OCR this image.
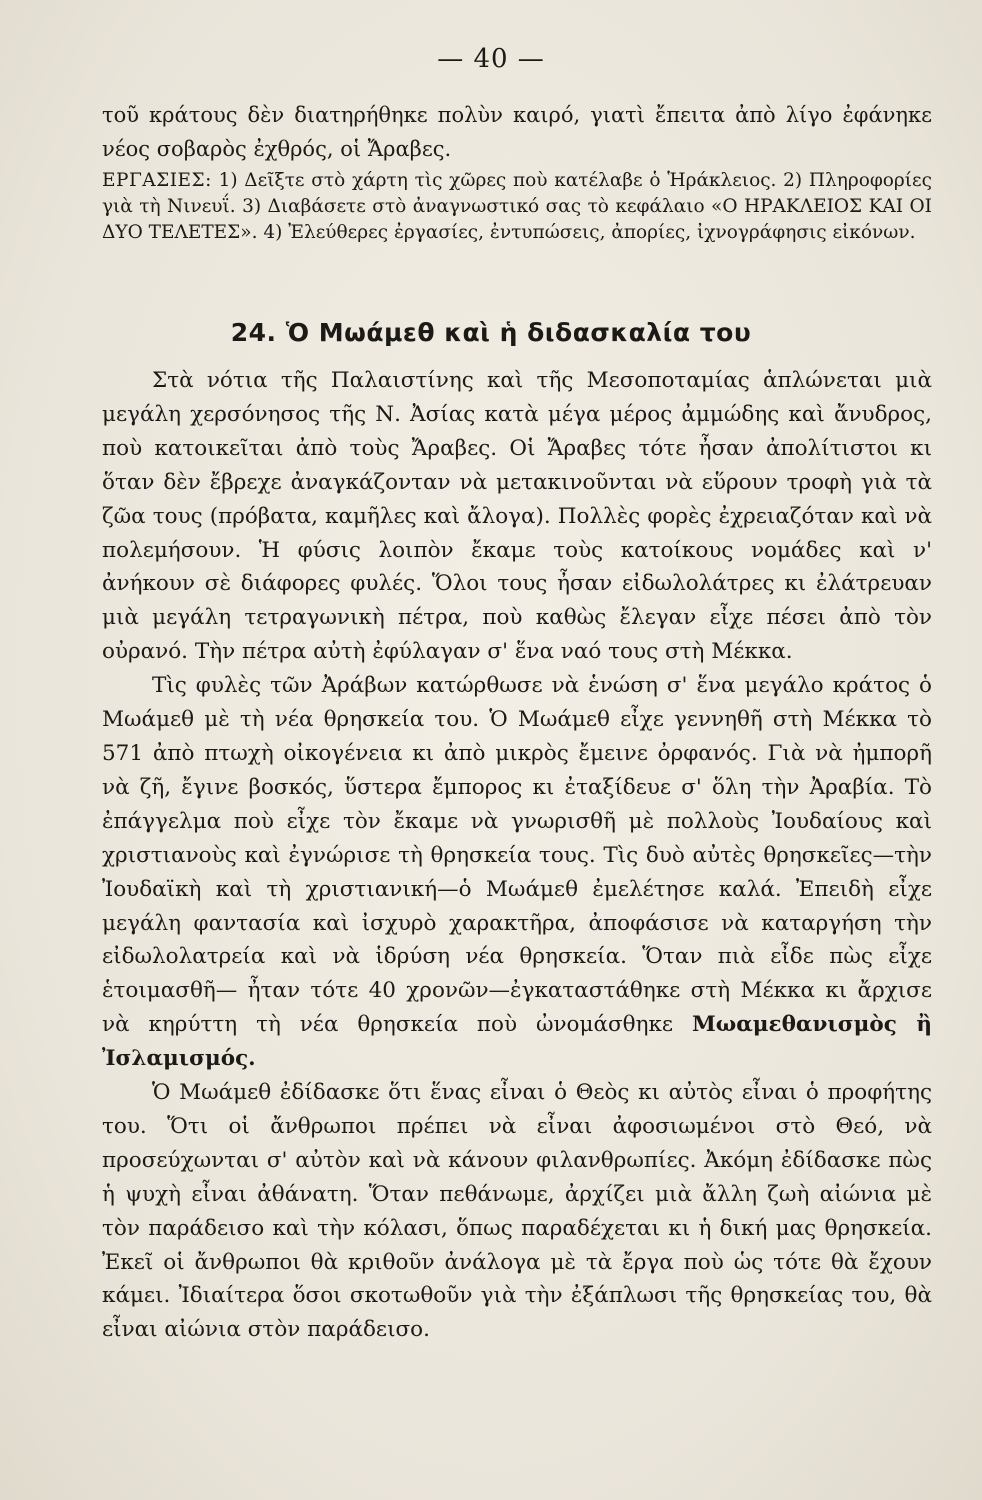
— 40 —

τοῦ κράτους δὲν διατηρήθηκε πολὺν καιρό, γιατὶ ἔπειτα ἀπὸ λίγο ἐφάνηκε νέος σοβαρὸς ἐχθρός, οἱ Ἄραβες.

ΕΡΓΑΣΙΕΣ: 1) Δεῖξτε στὸ χάρτη τὶς χῶρες ποὺ κατέλαβε ὁ Ἡράκλειος. 2) Πληροφορίες γιὰ τὴ Νινευΐ. 3) Διαβάσετε στὸ ἀναγνωστικό σας τὸ κεφάλαιο «Ο ΗΡΑΚΛΕΙΟΣ ΚΑΙ ΟΙ ΔΥΟ ΤΕΛΕΤΕΣ». 4) Ἐλεύθερες ἐργασίες, ἐντυπώσεις, ἀπορίες, ἰχνογράφησις εἰκόνων.

24. Ὁ Μωάμεθ καὶ ἡ διδασκαλία του

Στὰ νότια τῆς Παλαιστίνης καὶ τῆς Μεσοποταμίας ἁπλώνεται μιὰ μεγάλη χερσόνησος τῆς Ν. Ἀσίας κατὰ μέγα μέρος ἀμμώδης καὶ ἄνυδρος, ποὺ κατοικεῖται ἀπὸ τοὺς Ἄραβες. Οἱ Ἄραβες τότε ἦσαν ἀπολίτιστοι κι ὅταν δὲν ἔβρεχε ἀναγκάζονταν νὰ μετακινοῦνται νὰ εὕρουν τροφὴ γιὰ τὰ ζῶα τους (πρόβατα, καμῆλες καὶ ἄλογα). Πολλὲς φορὲς ἐχρειαζόταν καὶ νὰ πολεμήσουν. Ἡ φύσις λοιπὸν ἔκαμε τοὺς κατοίκους νομάδες καὶ ν' ἀνήκουν σὲ διάφορες φυλές. Ὅλοι τους ἦσαν εἰδωλολάτρες κι ἐλάτρευαν μιὰ μεγάλη τετραγωνικὴ πέτρα, ποὺ καθὼς ἔλεγαν εἶχε πέσει ἀπὸ τὸν οὐρανό. Τὴν πέτρα αὐτὴ ἐφύλαγαν σ' ἕνα ναό τους στὴ Μέκκα.

Τὶς φυλὲς τῶν Ἀράβων κατώρθωσε νὰ ἑνώση σ' ἕνα μεγάλο κράτος ὁ Μωάμεθ μὲ τὴ νέα θρησκεία του. Ὁ Μωάμεθ εἶχε γεννηθῆ στὴ Μέκκα τὸ 571 ἀπὸ πτωχὴ οἰκογένεια κι ἀπὸ μικρὸς ἔμεινε ὀρφανός. Γιὰ νὰ ἠμπορῆ νὰ ζῆ, ἔγινε βοσκός, ὕστερα ἔμπορος κι ἐταξίδευε σ' ὅλη τὴν Ἀραβία. Τὸ ἐπάγγελμα ποὺ εἶχε τὸν ἔκαμε νὰ γνωρισθῆ μὲ πολλοὺς Ἰουδαίους καὶ χριστιανοὺς καὶ ἐγνώρισε τὴ θρησκεία τους. Τὶς δυὸ αὐτὲς θρησκεῖες—τὴν Ἰουδαϊκὴ καὶ τὴ χριστιανική—ὁ Μωάμεθ ἐμελέτησε καλά. Ἐπειδὴ εἶχε μεγάλη φαντασία καὶ ἰσχυρὸ χαρακτῆρα, ἀποφάσισε νὰ καταργήση τὴν εἰδωλολατρεία καὶ νὰ ἱδρύση νέα θρησκεία. Ὅταν πιὰ εἶδε πὼς εἶχε ἑτοιμασθῆ— ἦταν τότε 40 χρονῶν—ἐγκαταστάθηκε στὴ Μέκκα κι ἄρχισε νὰ κηρύττη τὴ νέα θρησκεία ποὺ ὠνομάσθηκε Μωαμεθανισμὸς ἢ Ἰσλαμισμός.

Ὁ Μωάμεθ ἐδίδασκε ὅτι ἕνας εἶναι ὁ Θεὸς κι αὐτὸς εἶναι ὁ προφήτης του. Ὅτι οἱ ἄνθρωποι πρέπει νὰ εἶναι ἀφοσιωμένοι στὸ Θεό, νὰ προσεύχωνται σ' αὐτὸν καὶ νὰ κάνουν φιλανθρωπίες. Ἀκόμη ἐδίδασκε πὼς ἡ ψυχὴ εἶναι ἀθάνατη. Ὅταν πεθάνωμε, ἀρχίζει μιὰ ἄλλη ζωὴ αἰώνια μὲ τὸν παράδεισο καὶ τὴν κόλασι, ὅπως παραδέχεται κι ἡ δική μας θρησκεία. Ἐκεῖ οἱ ἄνθρωποι θὰ κριθοῦν ἀνάλογα μὲ τὰ ἔργα ποὺ ὡς τότε θὰ ἔχουν κάμει. Ἰδιαίτερα ὅσοι σκοτωθοῦν γιὰ τὴν ἐξάπλωσι τῆς θρησκείας του, θὰ εἶναι αἰώνια στὸν παράδεισο.
